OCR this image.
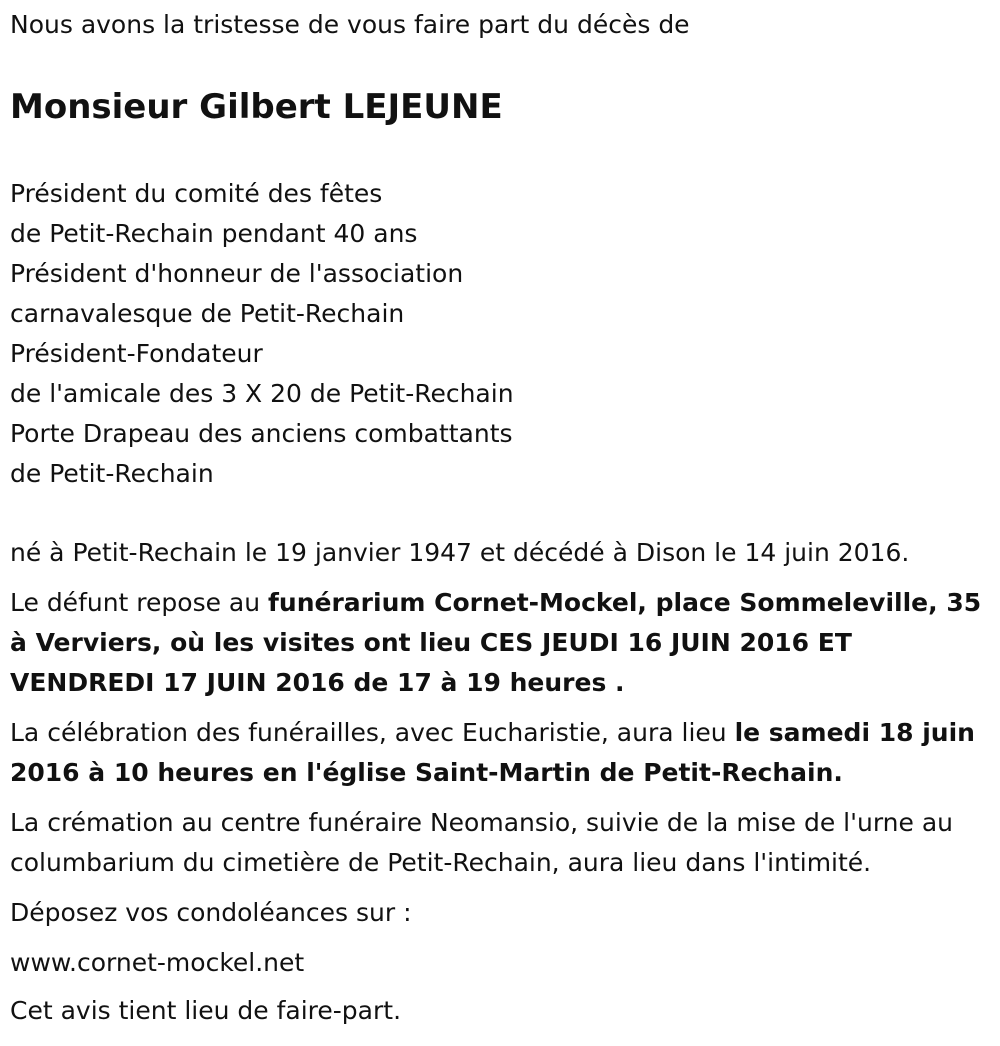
Nous avons la tristesse de vous faire part du décès de
Monsieur Gilbert LEJEUNE
Président du comité des fêtes
de Petit-Rechain pendant 40 ans
Président d'honneur de l'association
carnavalesque de Petit-Rechain
Président-Fondateur
de l'amicale des 3 X 20 de Petit-Rechain
Porte Drapeau des anciens combattants
de Petit-Rechain

né à Petit-Rechain le 19 janvier 1947 et décédé à Dison le 14 juin 2016.

Le défunt repose au funérarium Cornet-Mockel, place Sommeleville, 35 à Verviers, où les visites ont lieu CES JEUDI 16 JUIN 2016 ET VENDREDI 17 JUIN 2016 de 17 à 19 heures .

La célébration des funérailles, avec Eucharistie, aura lieu le samedi 18 juin 2016 à 10 heures en l'église Saint-Martin de Petit-Rechain.

La crémation au centre funéraire Neomansio, suivie de la mise de l'urne au columbarium du cimetière de Petit-Rechain, aura lieu dans l'intimité.

Déposez vos condoléances sur :

www.cornet-mockel.net

Cet avis tient lieu de faire-part.
